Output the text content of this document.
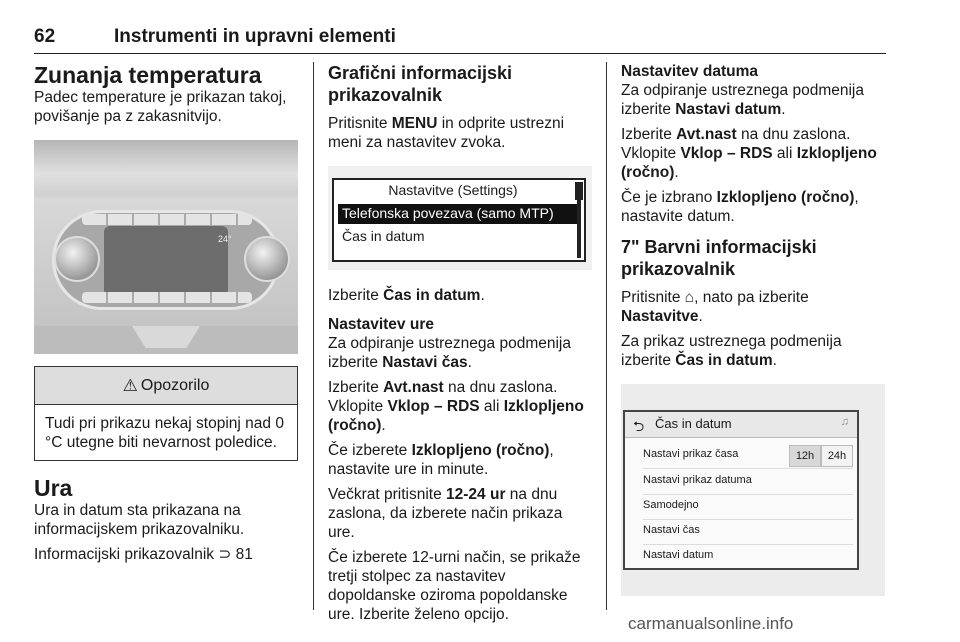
62	Instrumenti in upravni elementi
Zunanja temperatura

Padec temperature je prikazan takoj, povišanje pa z zakasnitvijo.

24°
⚠ Opozorilo
Tudi pri prikazu nekaj stopinj nad 0 °C utegne biti nevarnost poledice.
Ura

Ura in datum sta prikazana na informacijskem prikazovalniku.

Informacijski prikazovalnik ⊃ 81

Grafični informacijski prikazovalnik

Pritisnite MENU in odprite ustrezni meni za nastavitev zvoka.

Nastavitve (Settings)
Telefonska povezava (samo MTP)
Čas in datum

Izberite Čas in datum.

Nastavitev ure

Za odpiranje ustreznega podmenija izberite Nastavi čas.

Izberite Avt.nast na dnu zaslona. Vklopite Vklop – RDS ali Izklopljeno (ročno).

Če izberete Izklopljeno (ročno), nastavite ure in minute.

Večkrat pritisnite 12-24 ur na dnu zaslona, da izberete način prikaza ure.

Če izberete 12-urni način, se prikaže tretji stolpec za nastavitev dopoldanske oziroma popoldanske ure. Izberite želeno opcijo.

Nastavitev datuma

Za odpiranje ustreznega podmenija izberite Nastavi datum.

Izberite Avt.nast na dnu zaslona. Vklopite Vklop – RDS ali Izklopljeno (ročno).

Če je izbrano Izklopljeno (ročno), nastavite datum.

7" Barvni informacijski prikazovalnik

Pritisnite ⌂, nato pa izberite Nastavitve.

Za prikaz ustreznega podmenija izberite Čas in datum.

⮌ Čas in datum	♫
Nastavi prikaz časa	12h	24h
Nastavi prikaz datuma
Samodejno
Nastavi čas
Nastavi datum
carmanualsonline.info
